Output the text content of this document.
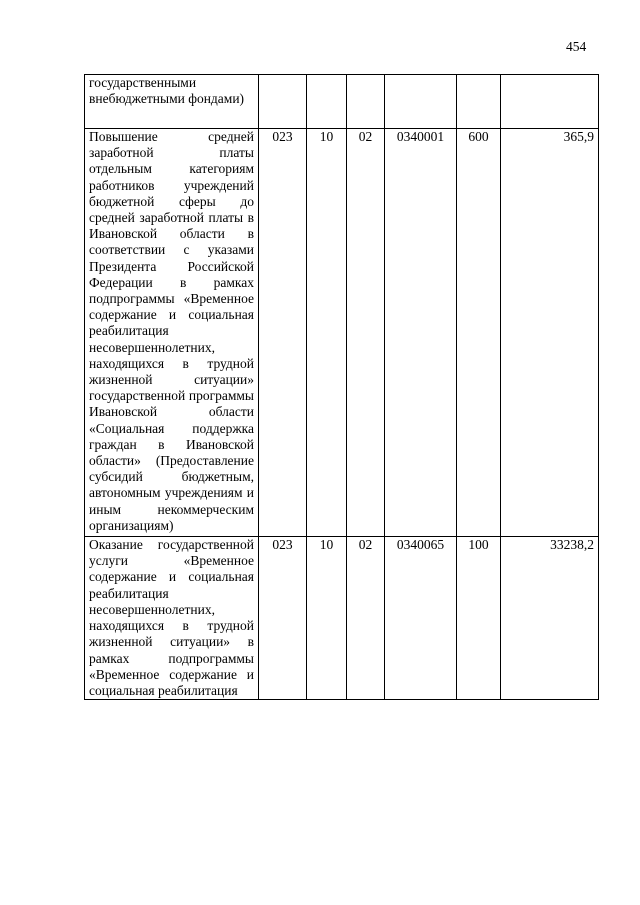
454
государственными внебюджетными фондами)						
Повышение средней заработной платы отдельным категориям работников учреждений бюджетной сферы до средней заработной платы в Ивановской области в соответствии с указами Президента Российской Федерации в рамках подпрограммы «Временное содержание и социальная реабилитация несовершеннолетних, находящихся в трудной жизненной ситуации» государственной программы Ивановской области «Социальная поддержка граждан в Ивановской области» (Предоставление субсидий бюджетным, автономным учреждениям и иным некоммерческим организациям)	023	10	02	0340001	600	365,9
Оказание государственной услуги «Временное содержание и социальная реабилитация несовершеннолетних, находящихся в трудной жизненной ситуации» в рамках подпрограммы «Временное содержание и социальная реабилитация	023	10	02	0340065	100	33238,2
